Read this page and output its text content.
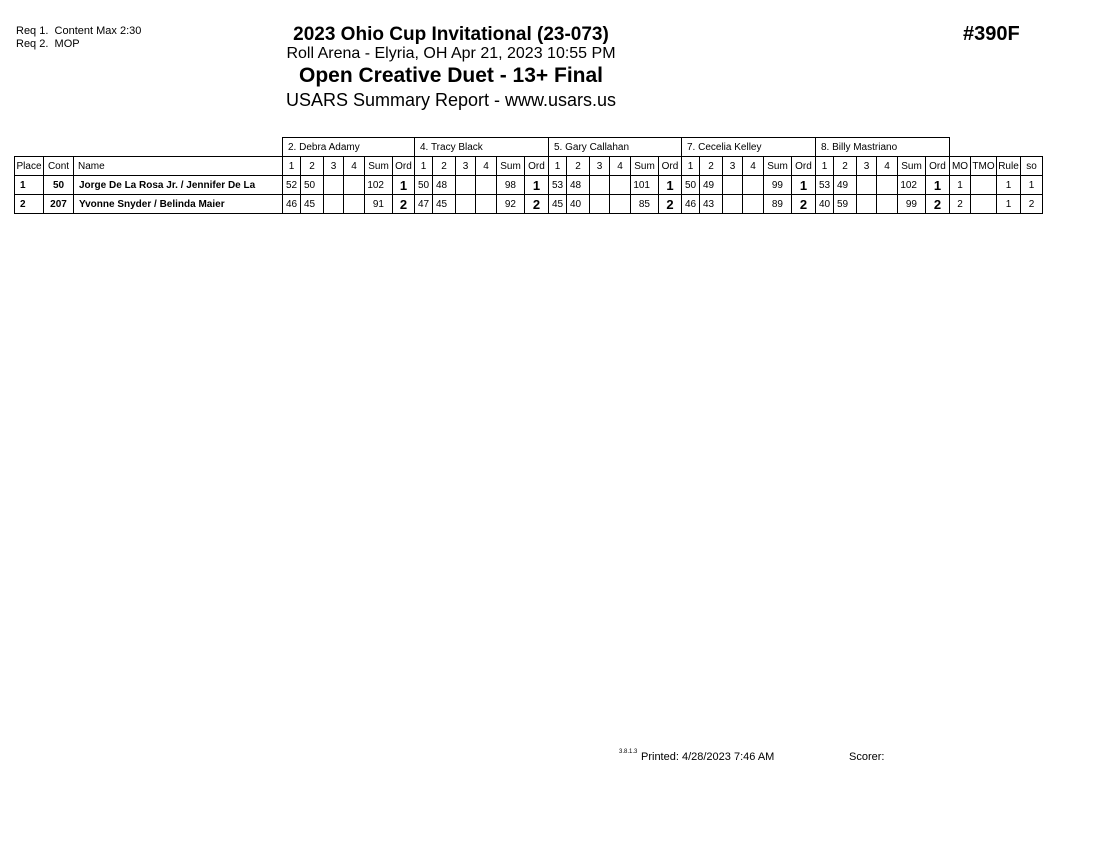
Req 1. Content Max 2:30
Req 2. MOP	2023 Ohio Cup Invitational (23-073)
Roll Arena - Elyria, OH Apr 21, 2023 10:55 PM
Open Creative Duet - 13+ Final
USARS Summary Report - www.usars.us
#390F
			2. Debra Adamy						4. Tracy Black						5. Gary Callahan						7. Cecelia Kelley						8. Billy Mastriano									
Place	Cont	Name	1	2	3	4	Sum	Ord	1	2	3	4	Sum	Ord	1	2	3	4	Sum	Ord	1	2	3	4	Sum	Ord	1	2	3	4	Sum	Ord	MO	TMO	Rule	so
1	50	Jorge De La Rosa Jr. / Jennifer De La	52	50			102	1	50	48			98	1	53	48			101	1	50	49			99	1	53	49			102	1	1		1	1
2	207	Yvonne Snyder / Belinda Maier	46	45			91	2	47	45			92	2	45	40			85	2	46	43			89	2	40	59			99	2	2		1	2
3.8.1.3 Printed: 4/28/2023 7:46 AM	Scorer:
